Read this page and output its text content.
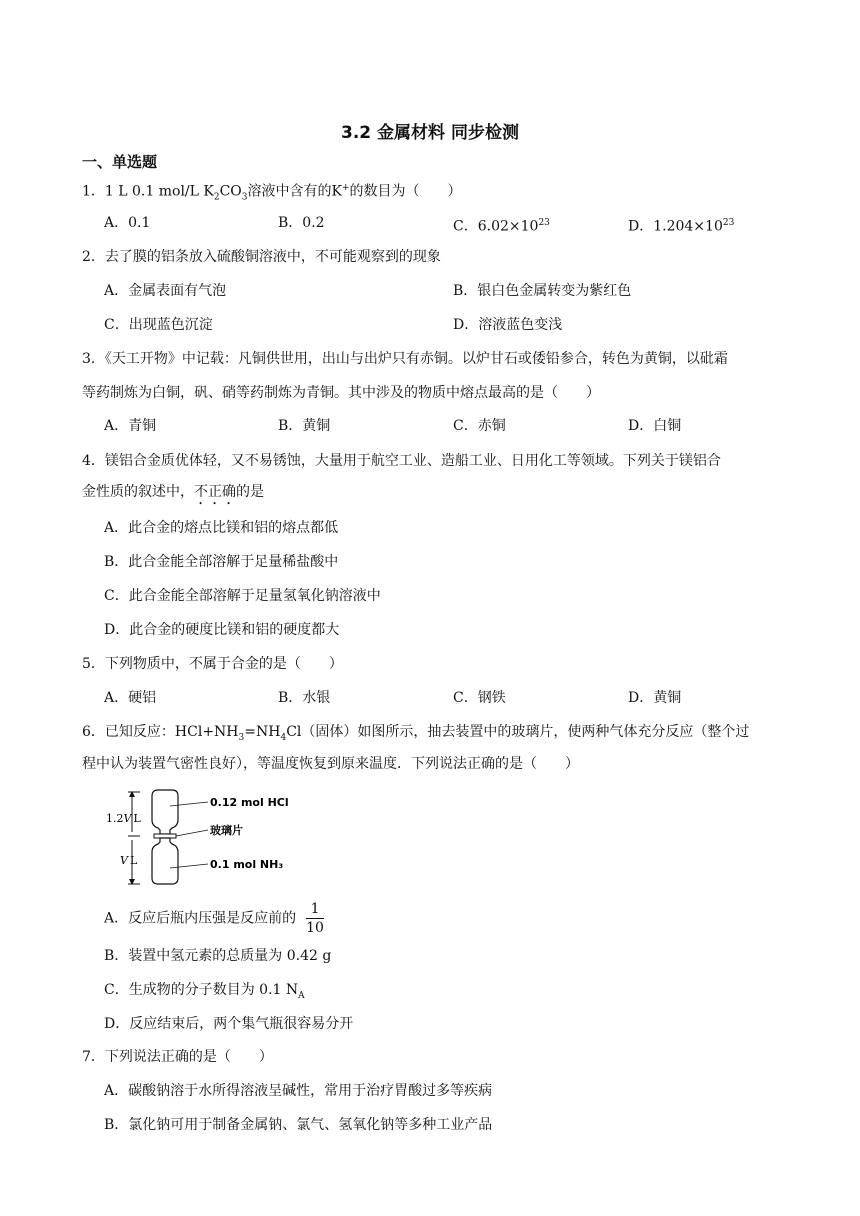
3.2 金属材料 同步检测
一、单选题
1．1 L 0.1 mol/L $K_2CO_3$溶液中含有的K+的数目为（　　）
A．0.1	B．0.2	C．$6.02\times 10^{23}$	D．$1.204\times 10^{23}$
2．去了膜的铝条放入硫酸铜溶液中，不可能观察到的现象
A．金属表面有气泡	B．银白色金属转变为紫红色
C．出现蓝色沉淀	D．溶液蓝色变浅
3．《天工开物》中记载：凡铜供世用，出山与出炉只有赤铜。以炉甘石或倭铅参合，转色为黄铜，以砒霜
等药制炼为白铜，矾、硝等药制炼为青铜。其中涉及的物质中熔点最高的是（　　）
A．青铜	B．黄铜	C．赤铜	D．白铜
4．镁铝合金质优体轻，又不易锈蚀，大量用于航空工业、造船工业、日用化工等领域。下列关于镁铝合
金性质的叙述中，不正确的是
A．此合金的熔点比镁和铝的熔点都低
B．此合金能全部溶解于足量稀盐酸中
C．此合金能全部溶解于足量氢氧化钠溶液中
D．此合金的硬度比镁和铝的硬度都大
5．下列物质中，不属于合金的是（　　）
A．硬铝	B．水银	C．钢铁	D．黄铜
6．已知反应：$HCl+NH_3=NH_4Cl$（固体）如图所示，抽去装置中的玻璃片，使两种气体充分反应（整个过
程中认为装置气密性良好），等温度恢复到原来温度．下列说法正确的是（　　）
1.2V L
V L
0.12 mol HCl
玻璃片
0.1 mol NH₃
A．反应后瓶内压强是反应前的 $\frac{1}{10}$
B．装置中氢元素的总质量为 0.42 g
C．生成物的分子数目为 0.1 $N_A$
D．反应结束后，两个集气瓶很容易分开
7．下列说法正确的是（　　）
A．碳酸钠溶于水所得溶液呈碱性，常用于治疗胃酸过多等疾病
B．氯化钠可用于制备金属钠、氯气、氢氧化钠等多种工业产品
